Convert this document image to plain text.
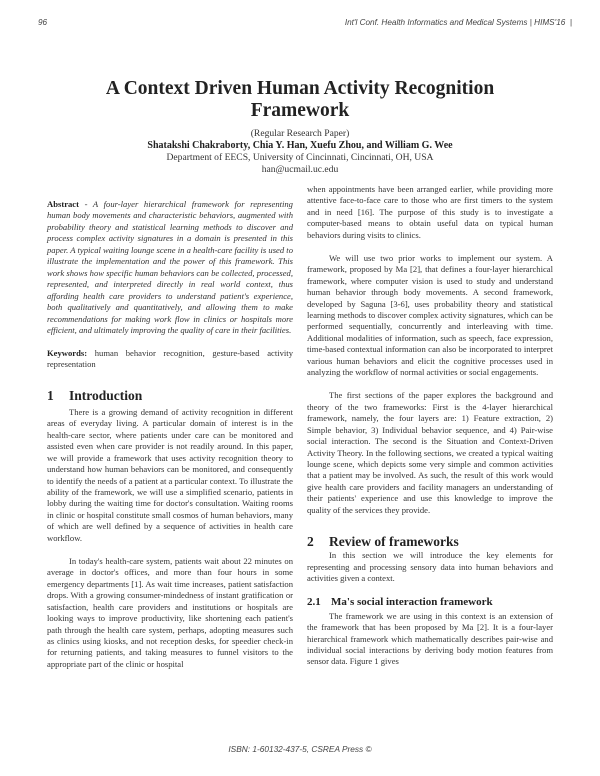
96	Int'l Conf. Health Informatics and Medical Systems | HIMS'16  |
A Context Driven Human Activity Recognition Framework
(Regular Research Paper)
Shatakshi Chakraborty, Chia Y. Han, Xuefu Zhou, and William G. Wee
Department of EECS, University of Cincinnati, Cincinnati, OH, USA
han@ucmail.uc.edu

Abstract - A four-layer hierarchical framework for representing human body movements and characteristic behaviors, augmented with probability theory and statistical learning methods to discover and process complex activity signatures in a domain is presented in this paper. A typical waiting lounge scene in a health-care facility is used to illustrate the implementation and the power of this framework. This work shows how specific human behaviors can be collected, processed, represented, and interpreted directly in real world context, thus affording health care providers to understand patient's experience, both qualitatively and quantitatively, and allowing them to make recommendations for making work flow in clinics or hospitals more efficient, and ultimately improving the quality of care in their facilities.

Keywords: human behavior recognition, gesture-based activity representation

1 Introduction

There is a growing demand of activity recognition in different areas of everyday living. A particular domain of interest is in the health-care sector, where patients under care can be monitored and assisted even when care provider is not readily around. In this paper, we will provide a framework that uses activity recognition theory to understand how human behaviors can be monitored, and consequently to identify the needs of a patient at a particular context. To illustrate the ability of the framework, we will use a simplified scenario, patients in lobby during the waiting time for doctor's consultation. Waiting rooms in clinic or hospital constitute small cosmos of human behaviors, many of which are well defined by a sequence of activities in health care workflow.

In today's health-care system, patients wait about 22 minutes on average in doctor's offices, and more than four hours in some emergency departments [1]. As wait time increases, patient satisfaction drops. With a growing consumer-mindedness of instant gratification or satisfaction, health care providers and institutions or hospitals are looking ways to improve productivity, like shortening each patient's path through the health care system, perhaps, adopting measures such as clinics using kiosks, and not reception desks, for speedier check-in for returning patients, and taking measures to funnel visitors to the appropriate part of the clinic or hospital

when appointments have been arranged earlier, while providing more attentive face-to-face care to those who are first timers to the system and in need [16]. The purpose of this study is to investigate a computer-based means to obtain useful data on typical human behaviors during visits to clinics.

We will use two prior works to implement our system. A framework, proposed by Ma [2], that defines a four-layer hierarchical framework, where computer vision is used to study and understand human behavior through body movements. A second framework, developed by Saguna [3-6], uses probability theory and statistical learning methods to discover complex activity signatures, which can be performed sequentially, concurrently and interleaving with time. Additional modalities of information, such as speech, face expression, time-based contextual information can also be incorporated to interpret various human behaviors and elicit the cognitive processes used in analyzing the workflow of normal activities or social engagements.

The first sections of the paper explores the background and theory of the two frameworks: First is the 4-layer hierarchical framework, namely, the four layers are: 1) Feature extraction, 2) Simple behavior, 3) Individual behavior sequence, and 4) Pair-wise social interaction. The second is the Situation and Context-Driven Activity Theory. In the following sections, we created a typical waiting lounge scene, which depicts some very simple and common activities that a patient may be involved. As such, the result of this work would give health care providers and facility managers an understanding of their patients' experience and use this knowledge to improve the quality of the services they provide.

2 Review of frameworks

In this section we will introduce the key elements for representing and processing sensory data into human behaviors and activities given a context.

2.1 Ma's social interaction framework

The framework we are using in this context is an extension of the framework that has been proposed by Ma [2]. It is a four-layer hierarchical framework which mathematically describes pair-wise and individual social interactions by deriving body motion features from sensor data. Figure 1 gives

ISBN: 1-60132-437-5, CSREA Press ©
